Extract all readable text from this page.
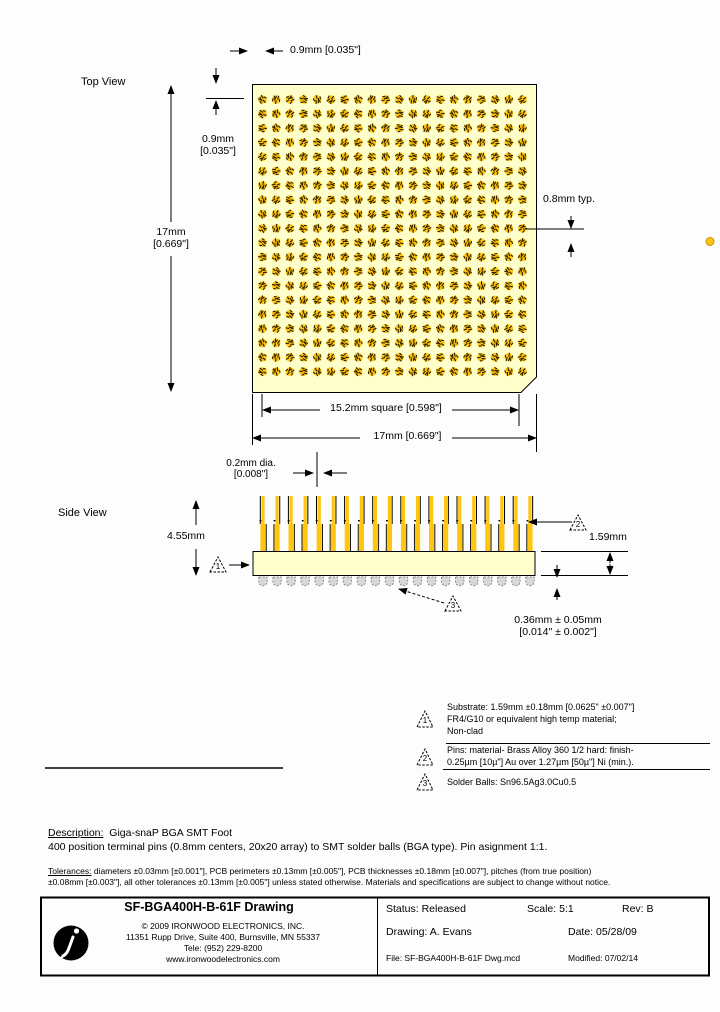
Top View
0.9mm [0.035"]
0.9mm
[0.035"]
17mm
[0.669"]
0.8mm typ.
15.2mm square [0.598"]
17mm [0.669"]
Side View
0.2mm dia.
[0.008"]
4.55mm	1.59mm
0.36mm ± 0.05mm
[0.014" ± 0.002"]
1
2
3
1
2
3
Substrate: 1.59mm ±0.18mm [0.0625" ±0.007"]
FR4/G10 or equivalent high temp material;
Non-clad
Pins: material- Brass Alloy 360 1/2 hard: finish-
0.25µm [10µ"] Au over 1.27µm [50µ"] Ni (min.).
Solder Balls: Sn96.5Ag3.0Cu0.5
Description:  Giga-snaP BGA SMT Foot
400 position terminal pins (0.8mm centers, 20x20 array) to SMT solder balls (BGA type). Pin asignment 1:1.
Tolerances: diameters ±0.03mm [±0.001"], PCB perimeters ±0.13mm [±0.005"], PCB thicknesses ±0.18mm [±0.007"], pitches (from true position)
±0.08mm [±0.003"], all other tolerances ±0.13mm [±0.005"] unless stated otherwise. Materials and specifications are subject to change without notice.
SF-BGA400H-B-61F Drawing
© 2009 IRONWOOD ELECTRONICS, INC.
11351 Rupp Drive, Suite 400, Burnsville, MN 55337
Tele: (952) 229-8200
www.ironwoodelectronics.com
Status: Released	Scale: 5:1	Rev: B
Drawing: A. Evans	Date: 05/28/09
File: SF-BGA400H-B-61F Dwg.mcd	Modified: 07/02/14
